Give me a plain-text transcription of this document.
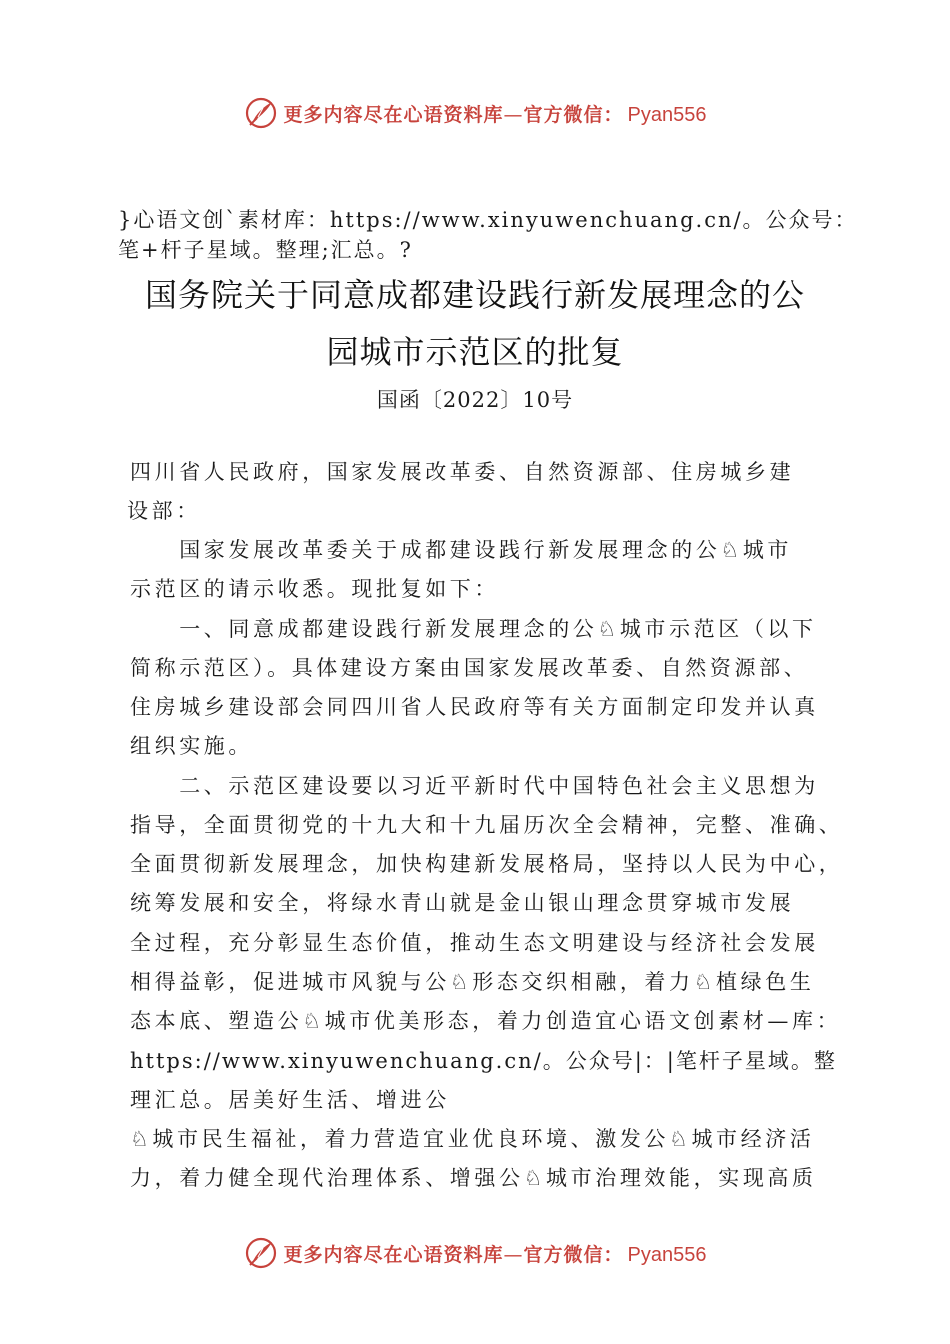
更多内容尽在心语资料库—官方微信： Pyan556
}心语文创`素材库：https://www.xinyuwenchuang.cn/。公众号：
笔+杆子星域。整理;汇总。?
国务院关于同意成都建设践行新发展理念的公
园城市示范区的批复
国函〔2022〕10号
四川省人民政府，国家发展改革委、自然资源部、住房城乡建
设部：
　　国家发展改革委关于成都建设践行新发展理念的公♘城市
示范区的请示收悉。现批复如下：
　　一、同意成都建设践行新发展理念的公♘城市示范区（以下
简称示范区）。具体建设方案由国家发展改革委、自然资源部、
住房城乡建设部会同四川省人民政府等有关方面制定印发并认真
组织实施。
　　二、示范区建设要以习近平新时代中国特色社会主义思想为
指导，全面贯彻党的十九大和十九届历次全会精神，完整、准确、
全面贯彻新发展理念，加快构建新发展格局，坚持以人民为中心，
统筹发展和安全，将绿水青山就是金山银山理念贯穿城市发展
全过程，充分彰显生态价值，推动生态文明建设与经济社会发展
相得益彰，促进城市风貌与公♘形态交织相融，着力♘植绿色生
态本底、塑造公♘城市优美形态，着力创造宜心语文创素材—库：
https://www.xinyuwenchuang.cn/。公众号|：|笔杆子星域。整
理汇总。居美好生活、增进公
♘城市民生福祉，着力营造宜业优良环境、激发公♘城市经济活
力，着力健全现代治理体系、增强公♘城市治理效能，实现高质
更多内容尽在心语资料库—官方微信： Pyan556
